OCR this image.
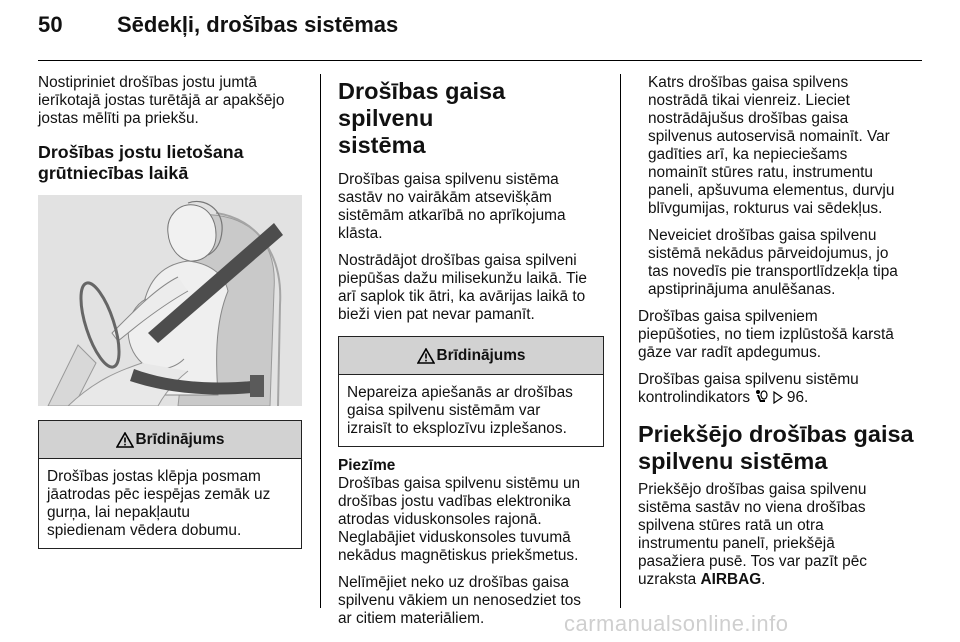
50 Sēdekļi, drošības sistēmas

Nostipriniet drošības jostu jumtā
ierīkotajā jostas turētājā ar apakšējo
jostas mēlīti pa priekšu.

Drošības jostu lietošana
grūtniecības laikā
Brīdinājums
Drošības jostas klēpja posmam
jāatrodas pēc iespējas zemāk uz
gurņa, lai nepakļautu
spiedienam vēdera dobumu.
Drošības gaisa spilvenu
sistēma

Drošības gaisa spilvenu sistēma
sastāv no vairākām atsevišķām
sistēmām atkarībā no aprīkojuma
klāsta.

Nostrādājot drošības gaisa spilveni
piepūšas dažu milisekunžu laikā. Tie
arī saplok tik ātri, ka avārijas laikā to
bieži vien pat nevar pamanīt.

Brīdinājums
Nepareiza apiešanās ar drošības
gaisa spilvenu sistēmām var
izraisīt to eksplozīvu izplešanos.
Piezīme

Drošības gaisa spilvenu sistēmu un
drošības jostu vadības elektronika
atrodas viduskonsoles rajonā.
Neglabājiet viduskonsoles tuvumā
nekādus magnētiskus priekšmetus.

Nelīmējiet neko uz drošības gaisa
spilvenu vākiem un nenosedziet tos
ar citiem materiāliem.

Katrs drošības gaisa spilvens
nostrādā tikai vienreiz. Lieciet
nostrādājušus drošības gaisa
spilvenus autoservisā nomainīt. Var
gadīties arī, ka nepieciešams
nomainīt stūres ratu, instrumentu
paneli, apšuvuma elementus, durvju
blīvgumijas, rokturus vai sēdekļus.

Neveiciet drošības gaisa spilvenu
sistēmā nekādus pārveidojumus, jo
tas novedīs pie transportlīdzekļa tipa
apstiprinājuma anulēšanas.

Drošības gaisa spilveniem
piepūšoties, no tiem izplūstošā karstā
gāze var radīt apdegumus.

Drošības gaisa spilvenu sistēmu
kontrolindikators 96.

Priekšējo drošības gaisa
spilvenu sistēma

Priekšējo drošības gaisa spilvenu
sistēma sastāv no viena drošības
spilvena stūres ratā un otra
instrumentu panelī, priekšējā
pasažiera pusē. Tos var pazīt pēc
uzraksta AIRBAG.

carmanualsonline.info
